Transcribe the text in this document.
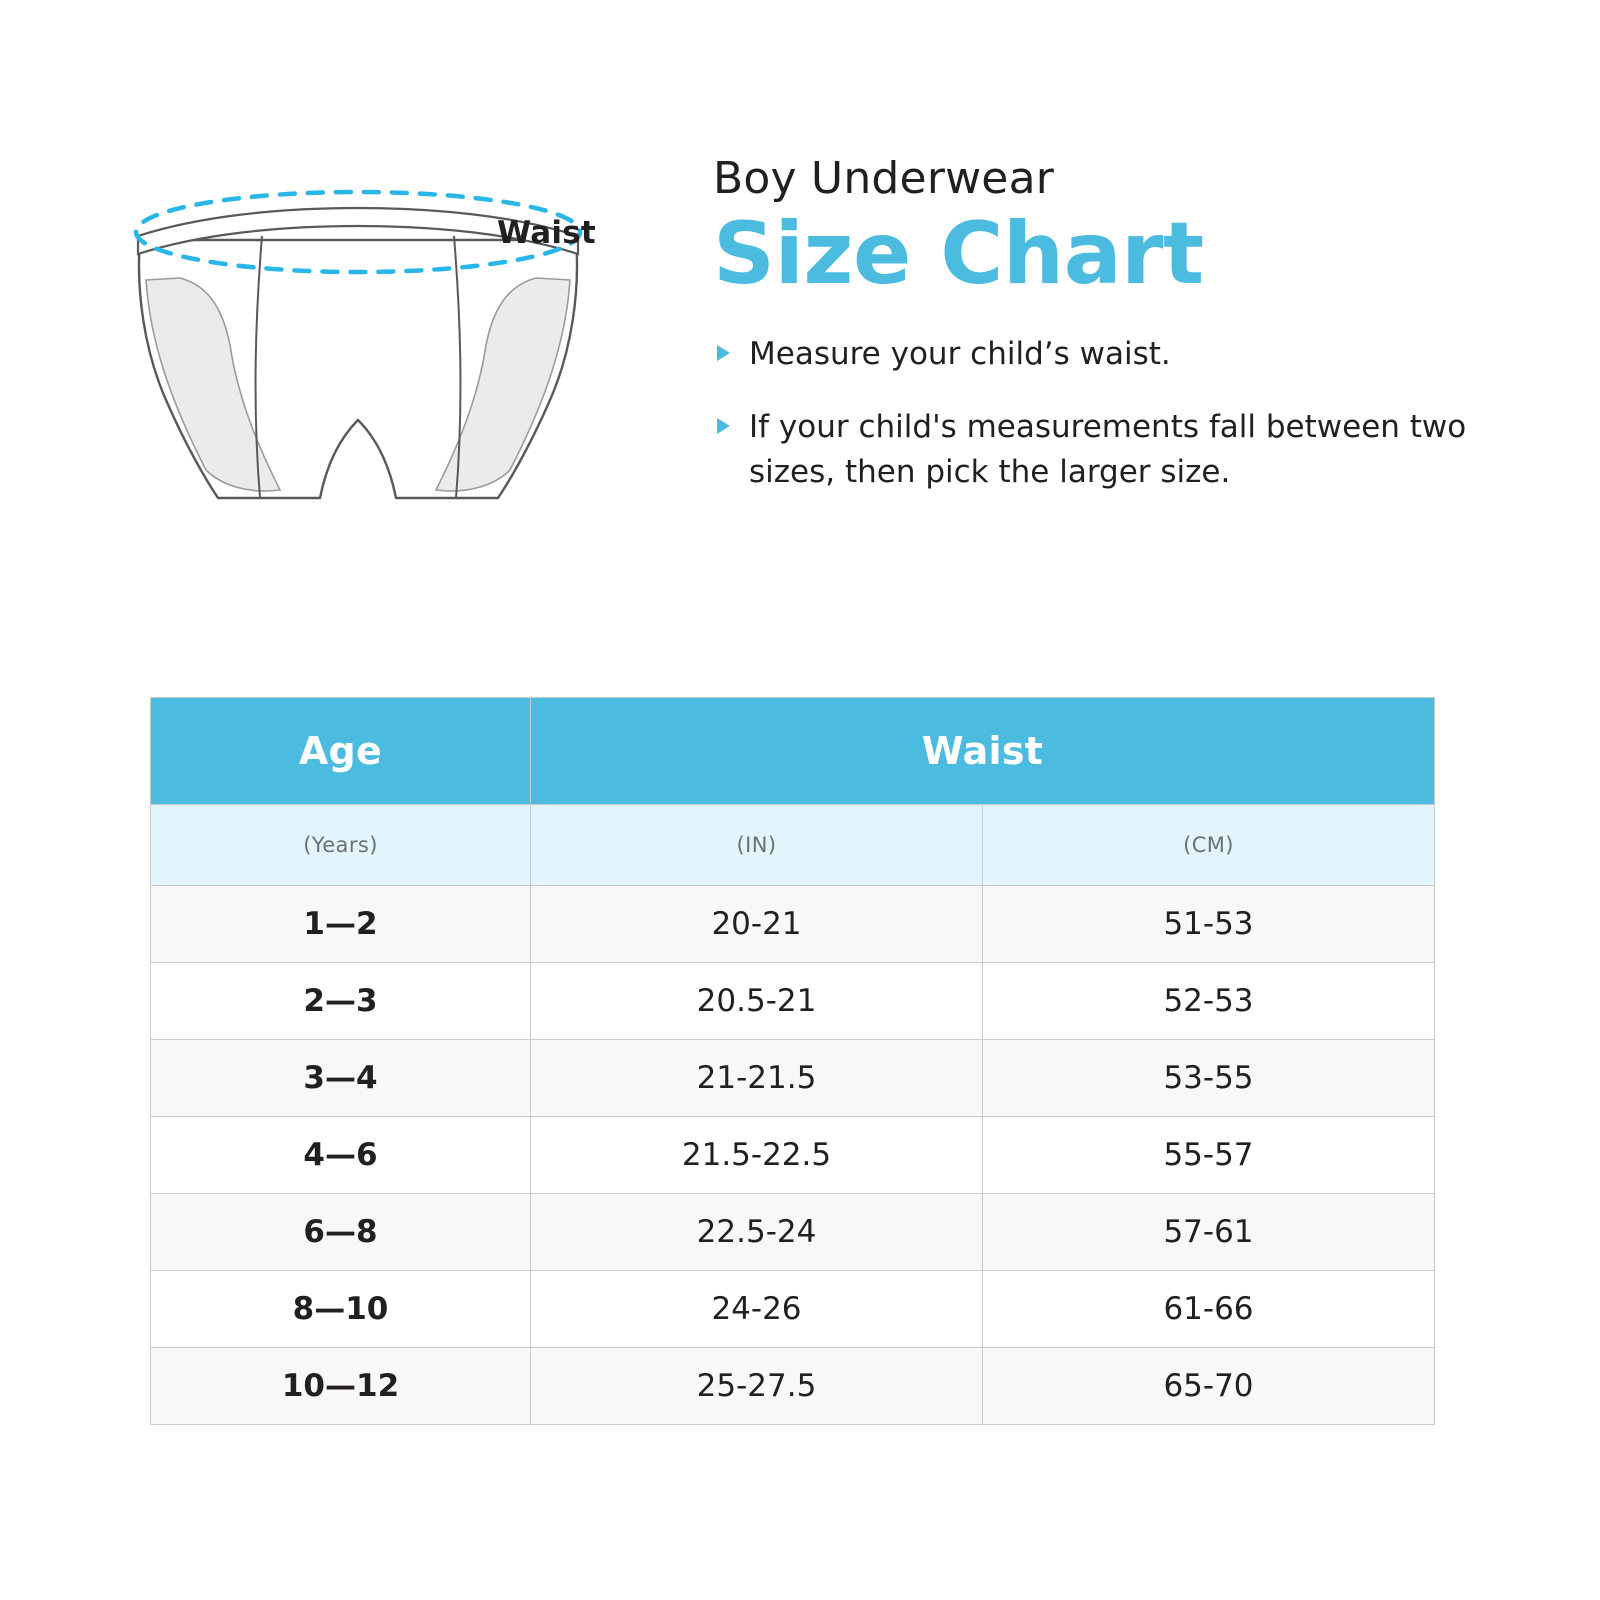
Waist
Boy Underwear
Size Chart
Measure your child’s waist.
If your child's measurements fall between two sizes, then pick the larger size.
Age	Waist	
(Years)	(IN)	(CM)
1—2	20-21	51-53
2—3	20.5-21	52-53
3—4	21-21.5	53-55
4—6	21.5-22.5	55-57
6—8	22.5-24	57-61
8—10	24-26	61-66
10—12	25-27.5	65-70
